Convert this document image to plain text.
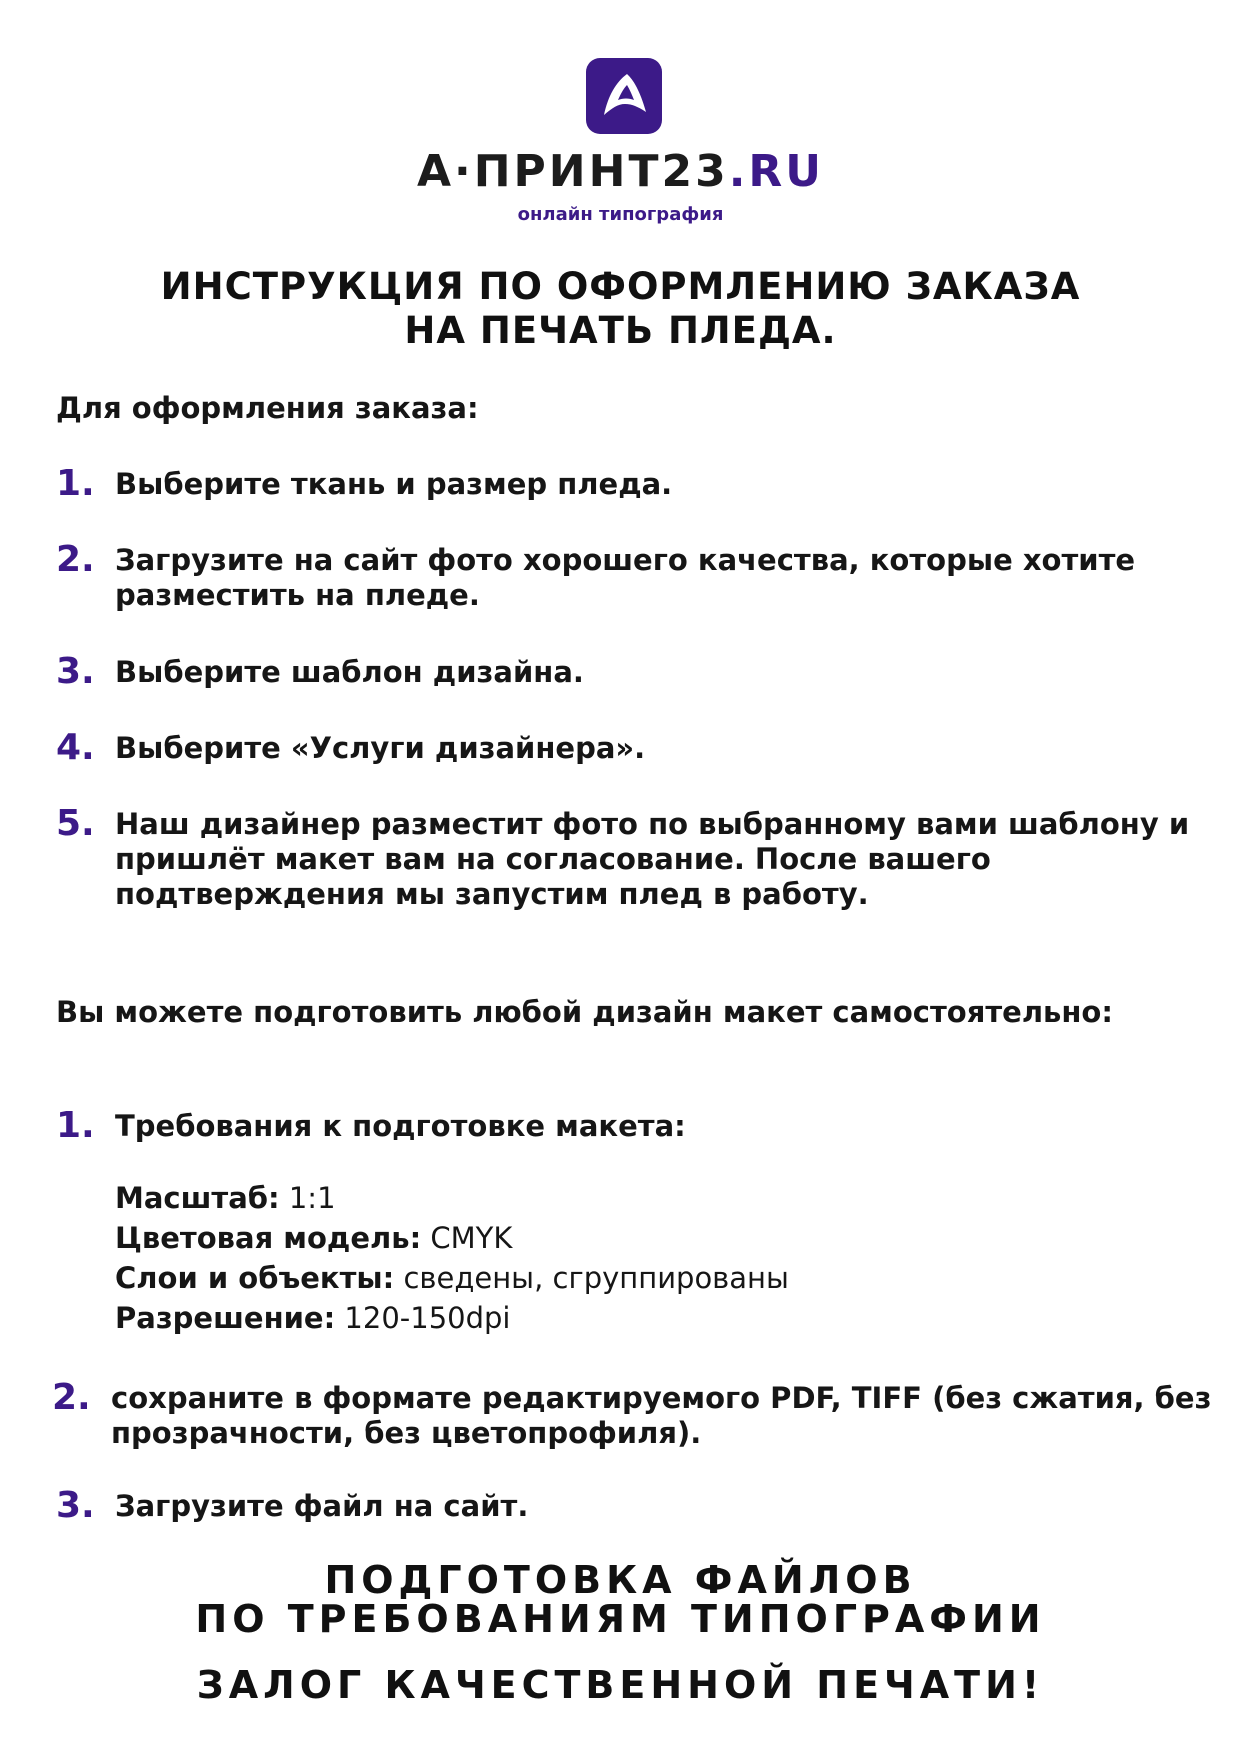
А·ПРИНТ23.RU
онлайн типография
ИНСТРУКЦИЯ ПО ОФОРМЛЕНИЮ ЗАКАЗА
НА ПЕЧАТЬ ПЛЕДА.
Для оформления заказа:
1. Выберите ткань и размер пледа.
2. Загрузите на сайт фото хорошего качества, которые хотите разместить на пледе.
3. Выберите шаблон дизайна.
4. Выберите «Услуги дизайнера».
5. Наш дизайнер разместит фото по выбранному вами шаблону и пришлёт макет вам на согласование. После вашего подтверждения мы запустим плед в работу.
Вы можете подготовить любой дизайн макет самостоятельно:
1. Требования к подготовке макета:
Масштаб: 1:1
Цветовая модель: CMYK
Слои и объекты: сведены, сгруппированы
Разрешение: 120-150dpi
2. сохраните в формате редактируемого PDF, TIFF (без сжатия, без прозрачности, без цветопрофиля).
3. Загрузите файл на сайт.
ПОДГОТОВКА ФАЙЛОВ
ПО ТРЕБОВАНИЯМ ТИПОГРАФИИ
ЗАЛОГ КАЧЕСТВЕННОЙ ПЕЧАТИ!
